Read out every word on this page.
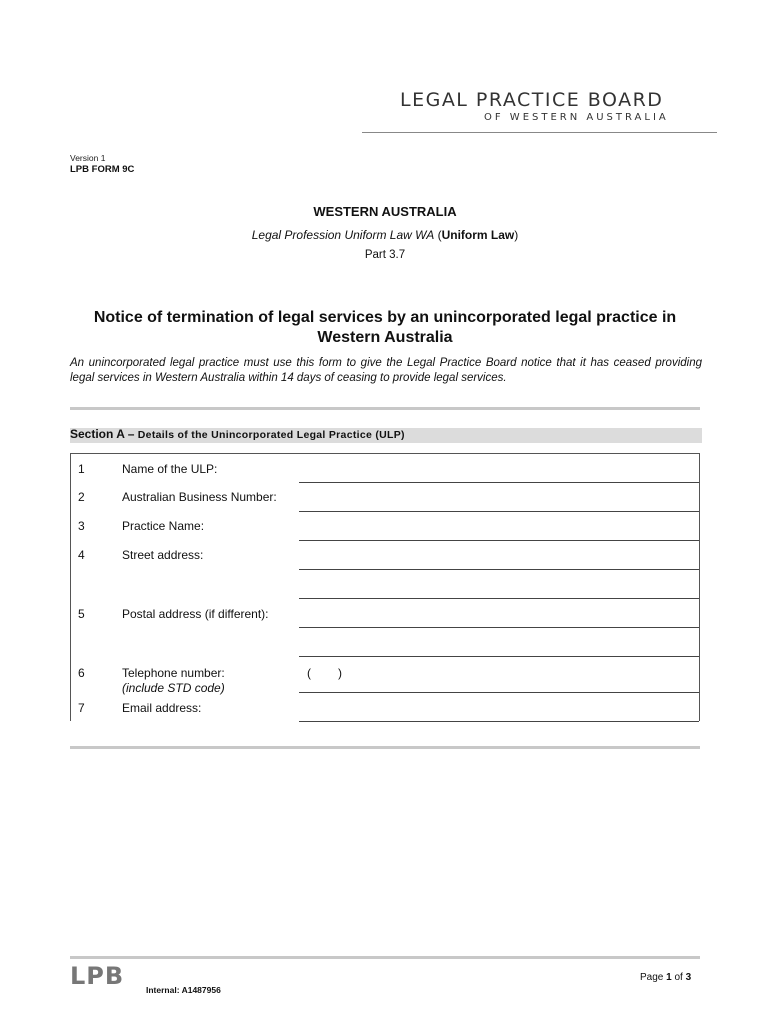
LEGAL PRACTICE BOARD
OF WESTERN AUSTRALIA
Version 1
LPB FORM 9C
WESTERN AUSTRALIA
Legal Profession Uniform Law WA (Uniform Law)
Part 3.7
Notice of termination of legal services by an unincorporated legal practice in
Western Australia
An unincorporated legal practice must use this form to give the Legal Practice Board notice that it has ceased providing legal services in Western Australia within 14 days of ceasing to provide legal services.
Section A – Details of the Unincorporated Legal Practice (ULP)
1	Name of the ULP:
2	Australian Business Number:
3	Practice Name:
4	Street address:
5	Postal address (if different):
6	Telephone number:
(include STD code)
( )
7	Email address:
LPB	Internal: A1487956
Page 1 of 3
